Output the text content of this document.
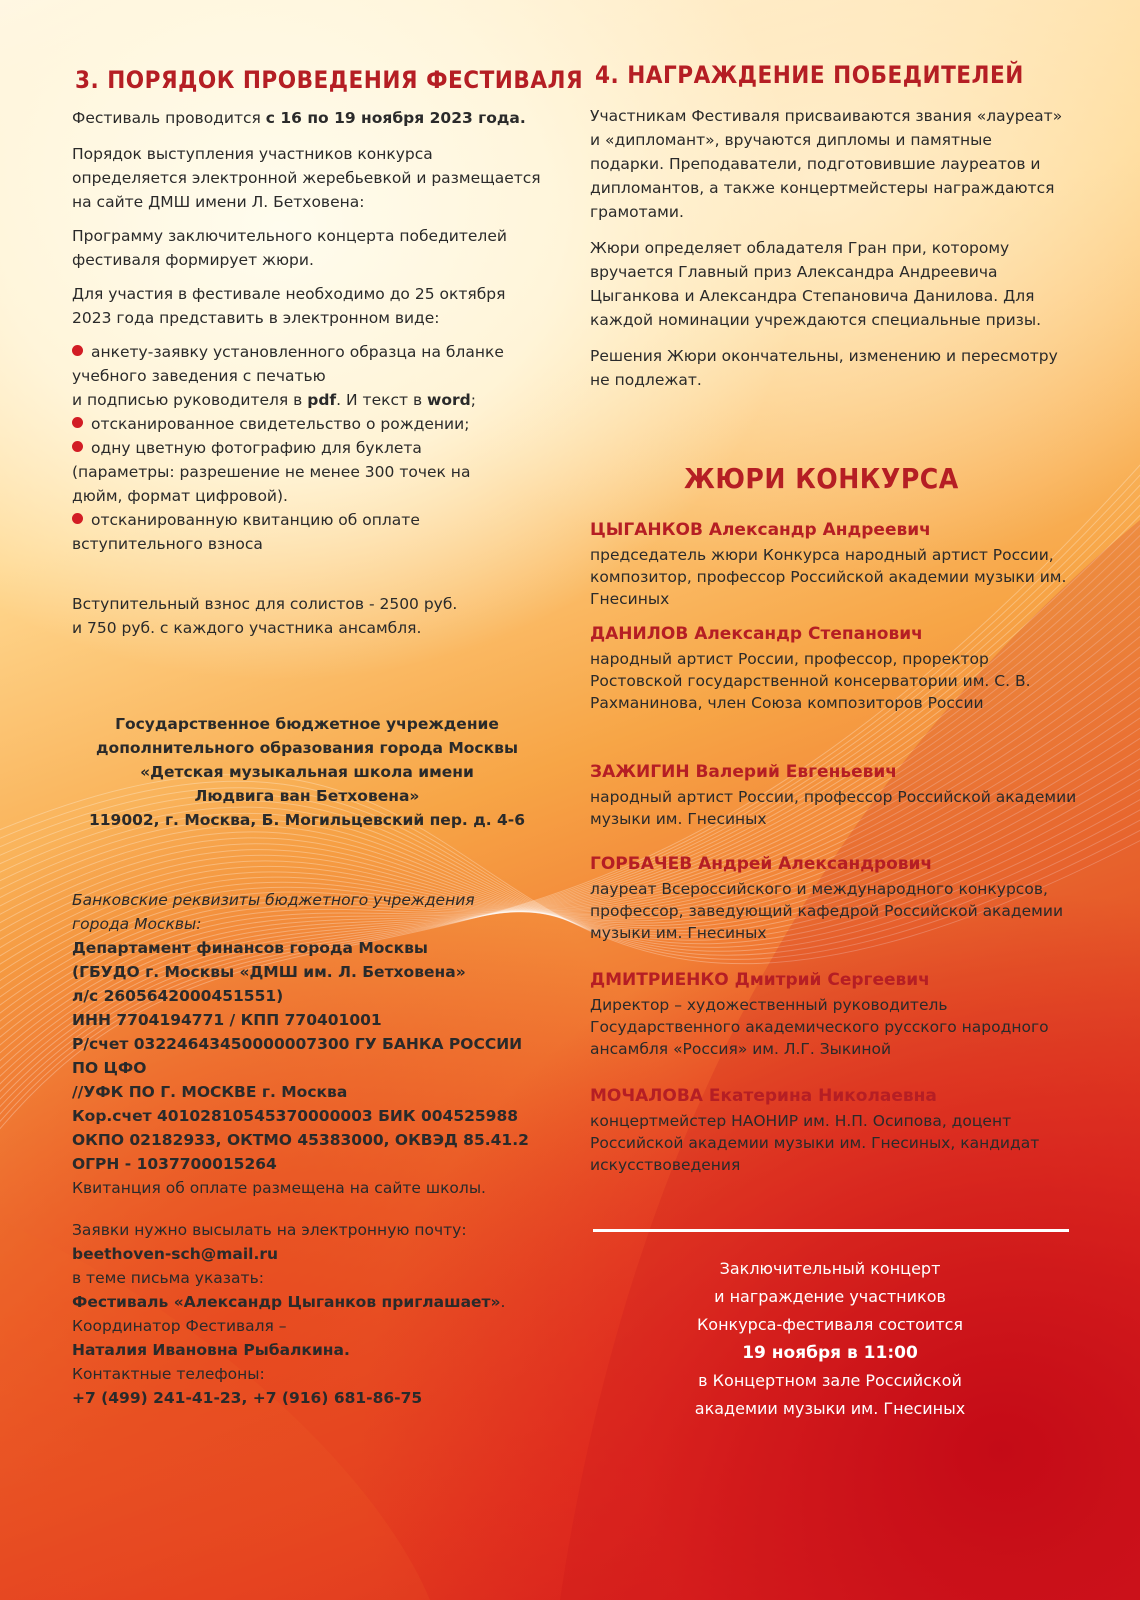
3. ПОРЯДОК ПРОВЕДЕНИЯ ФЕСТИВАЛЯ

Фестиваль проводится с 16 по 19 ноября 2023 года.

Порядок выступления участников конкурса определяется электронной жеребьевкой и размещается на сайте ДМШ имени Л. Бетховена:

Программу заключительного концерта победителей фестиваля формирует жюри.

Для участия в фестивале необходимо до 25 октября 2023 года представить в электронном виде:

анкету-заявку установленного образца на бланке
учебного заведения с печатью
и подписью руководителя в pdf. И текст в word;
отсканированное свидетельство о рождении;
одну цветную фотографию для буклета
(параметры: разрешение не менее 300 точек на
дюйм, формат цифровой).
отсканированную квитанцию об оплате
вступительного взноса

Вступительный взнос для солистов - 2500 руб.
и 750 руб. с каждого участника ансамбля.

Государственное бюджетное учреждение
дополнительного образования города Москвы
«Детская музыкальная школа имени
Людвига ван Бетховена»
119002, г. Москва, Б. Могильцевский пер. д. 4-6
Банковские реквизиты бюджетного учреждения
города Москвы:
Департамент финансов города Москвы
(ГБУДО г. Москвы «ДМШ им. Л. Бетховена»
л/с 2605642000451551)
ИНН 7704194771 / КПП 770401001
Р/счет 03224643450000007300 ГУ БАНКА РОССИИ
ПО ЦФО
//УФК ПО Г. МОСКВЕ г. Москва
Кор.счет 40102810545370000003 БИК 004525988
ОКПО 02182933, ОКТМО 45383000, ОКВЭД 85.41.2
ОГРН - 1037700015264
Квитанция об оплате размещена на сайте школы.
Заявки нужно высылать на электронную почту:
beethoven-sch@mail.ru
в теме письма указать:
Фестиваль «Александр Цыганков приглашает».
Координатор Фестиваля –
Наталия Ивановна Рыбалкина.
Контактные телефоны:
+7 (499) 241-41-23, +7 (916) 681-86-75
4. НАГРАЖДЕНИЕ ПОБЕДИТЕЛЕЙ

Участникам Фестиваля присваиваются звания «лауреат» и «дипломант», вручаются дипломы и памятные подарки. Преподаватели, подготовившие лауреатов и дипломантов, а также концертмейстеры награждаются грамотами.

Жюри определяет обладателя Гран при, которому вручается Главный приз Александра Андреевича Цыганкова и Александра Степановича Данилова. Для каждой номинации учреждаются специальные призы.

Решения Жюри окончательны, изменению и пересмотру не подлежат.

ЖЮРИ КОНКУРСА
ЦЫГАНКОВ Александр Андреевич
председатель жюри Конкурса народный артист России, композитор, профессор Российской академии музыки им. Гнесиных
ДАНИЛОВ Александр Степанович
народный артист России, профессор, проректор Ростовской государственной консерватории им. С. В. Рахманинова, член Союза композиторов России
ЗАЖИГИН Валерий Евгеньевич
народный артист России, профессор Российской академии музыки им. Гнесиных
ГОРБАЧЕВ Андрей Александрович
лауреат Всероссийского и международного конкурсов, профессор, заведующий кафедрой Российской академии музыки им. Гнесиных
ДМИТРИЕНКО Дмитрий Сергеевич
Директор – художественный руководитель Государственного академического русского народного ансамбля «Россия» им. Л.Г. Зыкиной
МОЧАЛОВА Екатерина Николаевна
концертмейстер НАОНИР им. Н.П. Осипова, доцент Российской академии музыки им. Гнесиных, кандидат искусствоведения
Заключительный концерт
и награждение участников
Конкурса-фестиваля состоится
19 ноября в 11:00
в Концертном зале Российской
академии музыки им. Гнесиных
